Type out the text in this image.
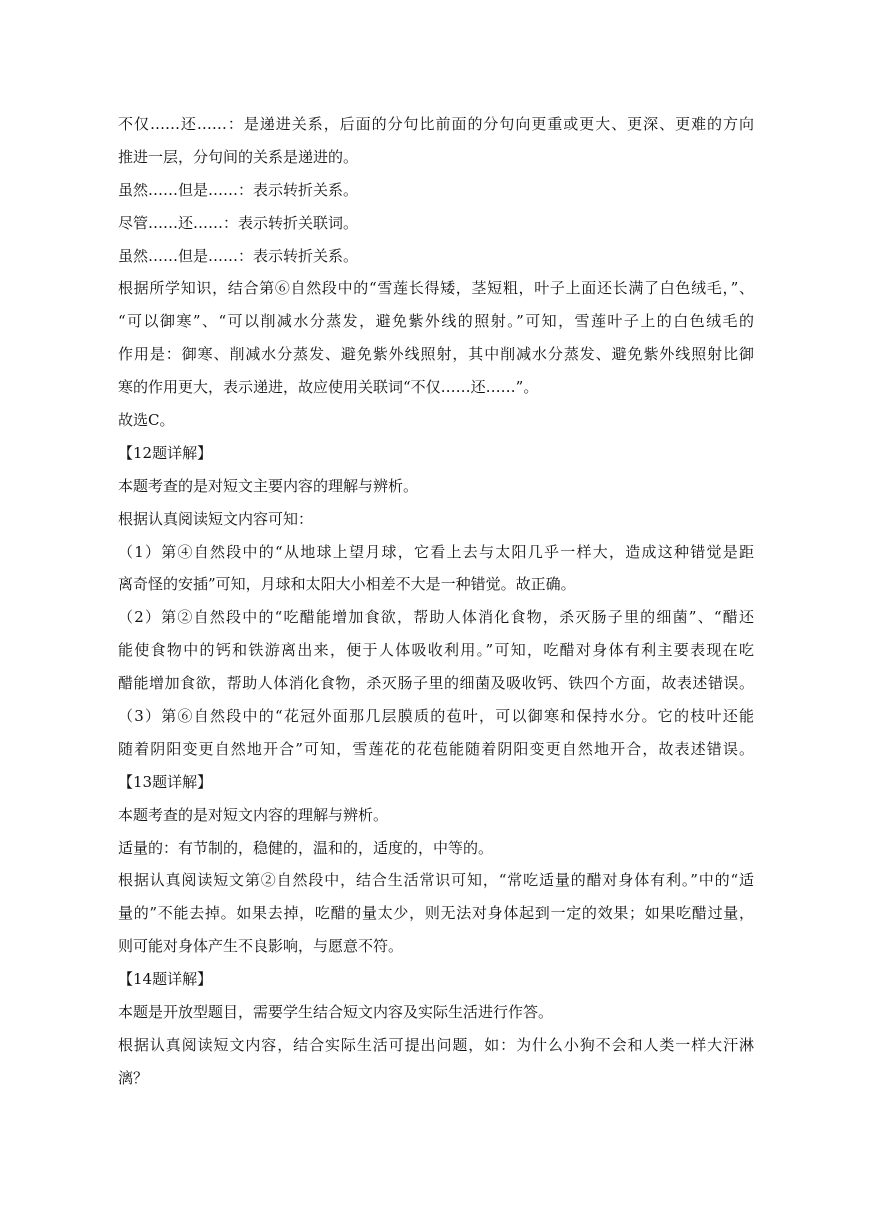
不仅……还……：是递进关系，后面的分句比前面的分句向更重或更大、更深、更难的方向

推进一层，分句间的关系是递进的。

虽然……但是……：表示转折关系。

尽管……还……：表示转折关联词。

虽然……但是……：表示转折关系。

根据所学知识，结合第⑥自然段中的“雪莲长得矮，茎短粗，叶子上面还长满了白色绒毛，”、

“可以御寒”、“可以削减水分蒸发，避免紫外线的照射。”可知，雪莲叶子上的白色绒毛的

作用是：御寒、削减水分蒸发、避免紫外线照射，其中削减水分蒸发、避免紫外线照射比御

寒的作用更大，表示递进，故应使用关联词“不仅……还……”。

故选C。

【12题详解】

本题考查的是对短文主要内容的理解与辨析。

根据认真阅读短文内容可知：

（1）第④自然段中的“从地球上望月球，它看上去与太阳几乎一样大，造成这种错觉是距

离奇怪的安插”可知，月球和太阳大小相差不大是一种错觉。故正确。

（2）第②自然段中的“吃醋能增加食欲，帮助人体消化食物，杀灭肠子里的细菌”、“醋还

能使食物中的钙和铁游离出来，便于人体吸收利用。”可知，吃醋对身体有利主要表现在吃

醋能增加食欲，帮助人体消化食物，杀灭肠子里的细菌及吸收钙、铁四个方面，故表述错误。

（3）第⑥自然段中的“花冠外面那几层膜质的苞叶，可以御寒和保持水分。它的枝叶还能

随着阴阳变更自然地开合”可知，雪莲花的花苞能随着阴阳变更自然地开合，故表述错误。

【13题详解】

本题考查的是对短文内容的理解与辨析。

适量的：有节制的，稳健的，温和的，适度的，中等的。

根据认真阅读短文第②自然段中，结合生活常识可知，“常吃适量的醋对身体有利。”中的“适

量的”不能去掉。如果去掉，吃醋的量太少，则无法对身体起到一定的效果；如果吃醋过量，

则可能对身体产生不良影响，与愿意不符。

【14题详解】

本题是开放型题目，需要学生结合短文内容及实际生活进行作答。

根据认真阅读短文内容，结合实际生活可提出问题，如：为什么小狗不会和人类一样大汗淋

漓？
